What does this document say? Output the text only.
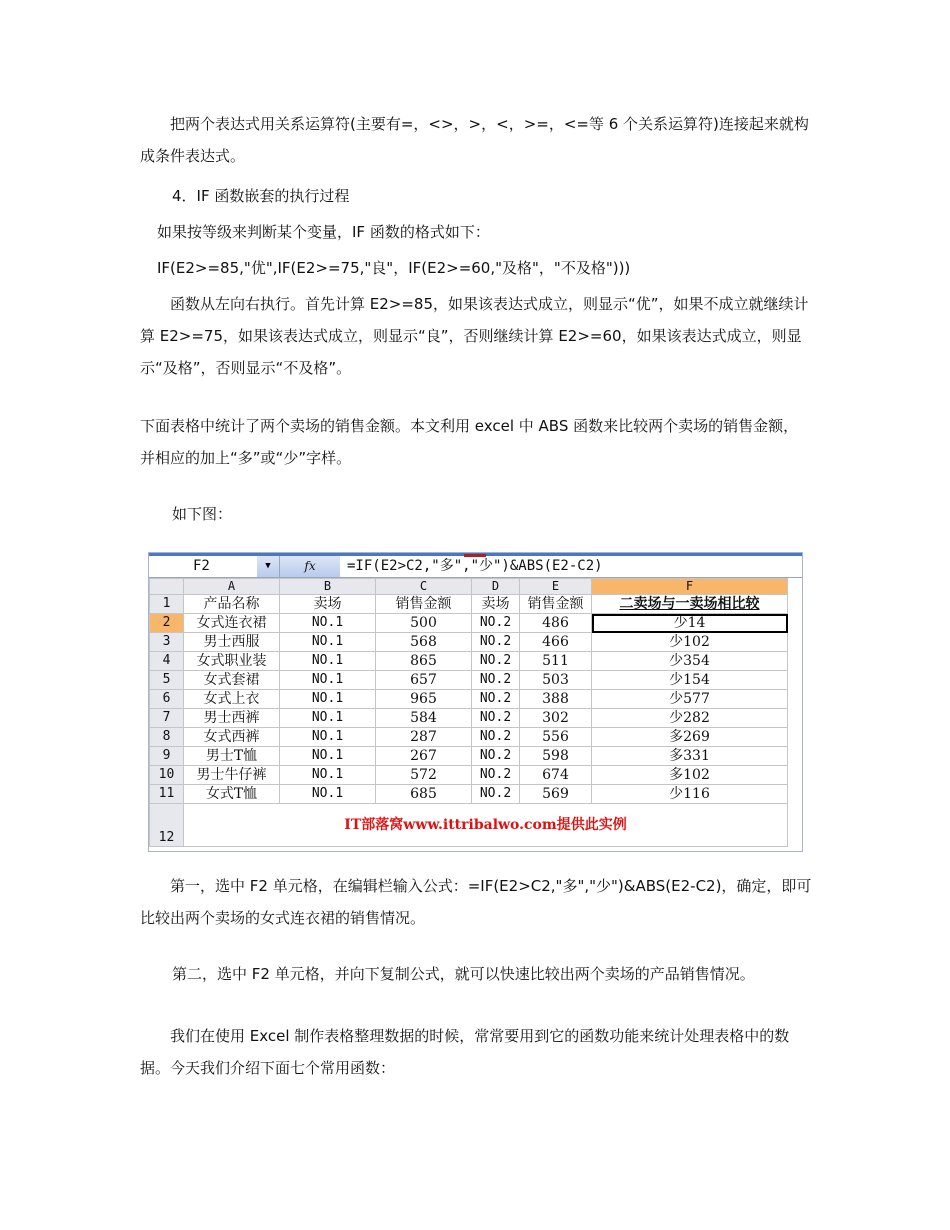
把两个表达式用关系运算符(主要有=，<>，>，<，>=，<=等 6 个关系运算符)连接起来就构成条件表达式。

4．IF 函数嵌套的执行过程

如果按等级来判断某个变量，IF 函数的格式如下：

IF(E2>=85,"优",IF(E2>=75,"良"，IF(E2>=60,"及格"，"不及格")))

函数从左向右执行。首先计算 E2>=85，如果该表达式成立，则显示“优”，如果不成立就继续计算 E2>=75，如果该表达式成立，则显示“良”，否则继续计算 E2>=60，如果该表达式成立，则显示“及格”，否则显示“不及格”。

下面表格中统计了两个卖场的销售金额。本文利用 excel 中 ABS 函数来比较两个卖场的销售金额，并相应的加上“多”或“少”字样。

如下图：

F2	▼	fx	=IF(E2>C2,"多","少")&ABS(E2-C2)
	A	B	C	D	E	F
1	产品名称	卖场	销售金额	卖场	销售金额	二卖场与一卖场相比较
2	女式连衣裙	NO.1	500	NO.2	486	少14
3	男士西服	NO.1	568	NO.2	466	少102
4	女式职业装	NO.1	865	NO.2	511	少354
5	女式套裙	NO.1	657	NO.2	503	少154
6	女式上衣	NO.1	965	NO.2	388	少577
7	男士西裤	NO.1	584	NO.2	302	少282
8	女式西裤	NO.1	287	NO.2	556	多269
9	男士T恤	NO.1	267	NO.2	598	多331
10	男士牛仔裤	NO.1	572	NO.2	674	多102
11	女式T恤	NO.1	685	NO.2	569	少116
12	IT部落窝www.ittribalwo.com提供此实例					

第一，选中 F2 单元格，在编辑栏输入公式：=IF(E2>C2,"多","少")&ABS(E2-C2)，确定，即可比较出两个卖场的女式连衣裙的销售情况。

第二，选中 F2 单元格，并向下复制公式，就可以快速比较出两个卖场的产品销售情况。

我们在使用 Excel 制作表格整理数据的时候，常常要用到它的函数功能来统计处理表格中的数据。今天我们介绍下面七个常用函数：
